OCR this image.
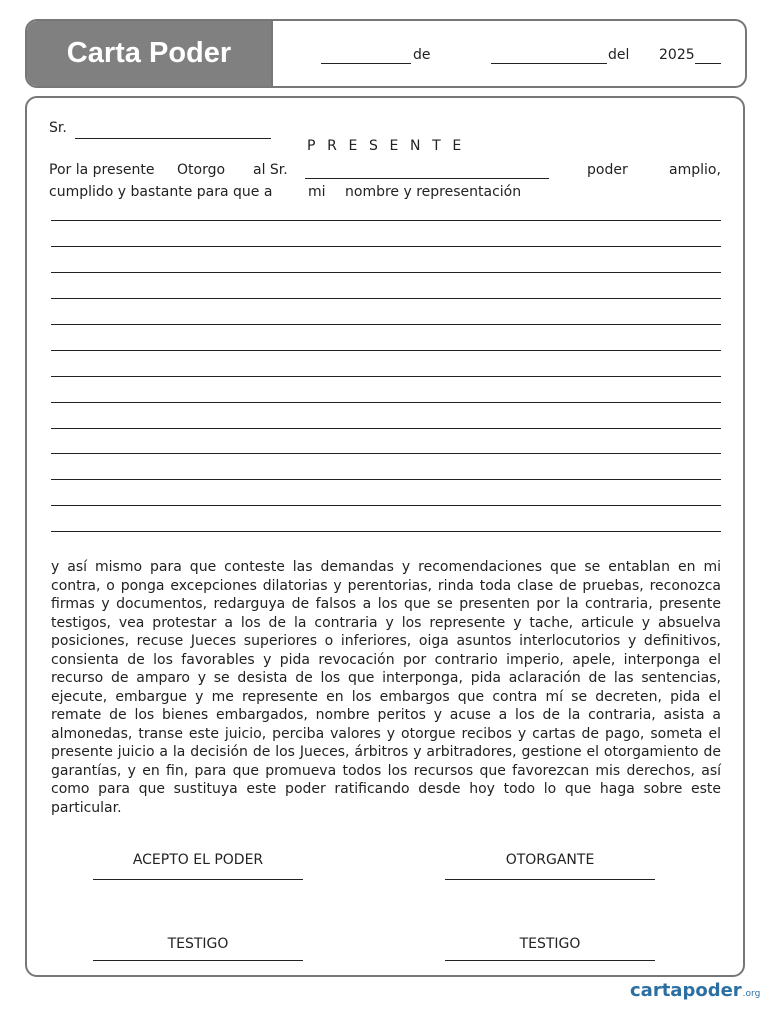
Carta Poder	de	del 2025
Sr.
P R E S E N T E
Por la presente Otorgo al Sr.	poder	amplio,
cumplido y bastante para que a	mi nombre y representación

y así mismo para que conteste las demandas y recomendaciones que se entablan en mi contra, o ponga excepciones dilatorias y perentorias, rinda toda clase de pruebas, reconozca firmas y documentos, redarguya de falsos a los que se presenten por la contraria, presente testigos, vea protestar a los de la contraria y los represente y tache, articule y absuelva posiciones, recuse Jueces superiores o inferiores, oiga asuntos interlocutorios y definitivos, consienta de los favorables y pida revocación por contrario imperio, apele, interponga el recurso de amparo y se desista de los que interponga, pida aclaración de las sentencias, ejecute, embargue y me represente en los embargos que contra mí se decreten, pida el remate de los bienes embargados, nombre peritos y acuse a los de la contraria, asista a almonedas, transe este juicio, perciba valores y otorgue recibos y cartas de pago, someta el presente juicio a la decisión de los Jueces, árbitros y arbitradores, gestione el otorgamiento de garantías, y en fin, para que promueva todos los recursos que favorezcan mis derechos, así como para que sustituya este poder ratificando desde hoy todo lo que haga sobre este particular.

ACEPTO EL PODER	OTORGANTE
TESTIGO	TESTIGO
cartapoder.org
